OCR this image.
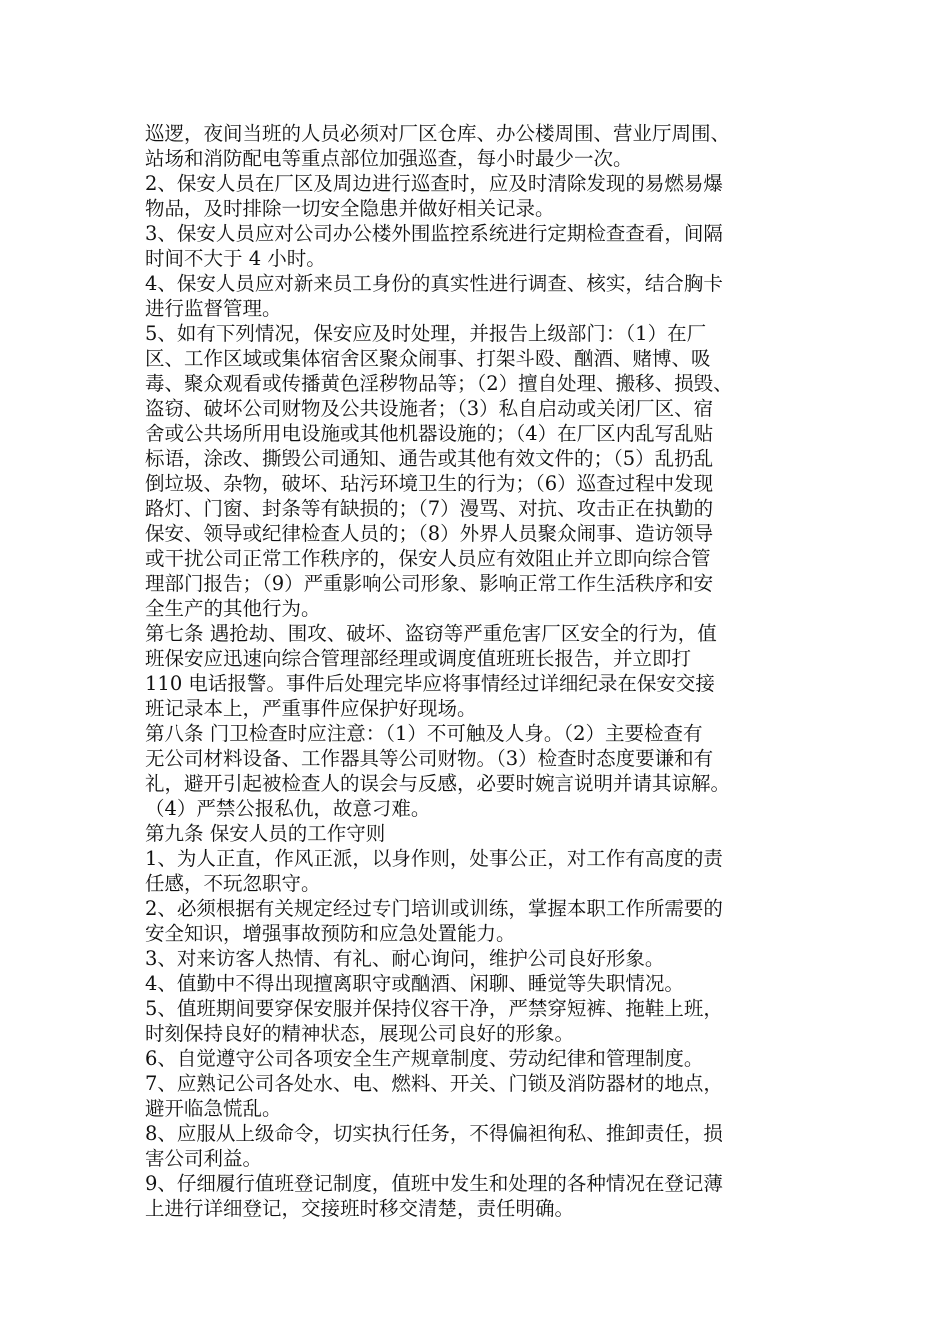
巡逻，夜间当班的人员必须对厂区仓库、办公楼周围、营业厅周围、

站场和消防配电等重点部位加强巡查，每小时最少一次。

2、保安人员在厂区及周边进行巡查时，应及时清除发现的易燃易爆

物品，及时排除一切安全隐患并做好相关记录。

3、保安人员应对公司办公楼外围监控系统进行定期检查查看，间隔

时间不大于 4 小时。

4、保安人员应对新来员工身份的真实性进行调查、核实，结合胸卡

进行监督管理。

5、如有下列情况，保安应及时处理，并报告上级部门：（1）在厂

区、工作区域或集体宿舍区聚众闹事、打架斗殴、酗酒、赌博、吸

毒、聚众观看或传播黄色淫秽物品等；（2）擅自处理、搬移、损毁、

盗窃、破坏公司财物及公共设施者；（3）私自启动或关闭厂区、宿

舍或公共场所用电设施或其他机器设施的；（4）在厂区内乱写乱贴

标语，涂改、撕毁公司通知、通告或其他有效文件的；（5）乱扔乱

倒垃圾、杂物，破坏、玷污环境卫生的行为；（6）巡查过程中发现

路灯、门窗、封条等有缺损的；（7）漫骂、对抗、攻击正在执勤的

保安、领导或纪律检查人员的；（8）外界人员聚众闹事、造访领导

或干扰公司正常工作秩序的，保安人员应有效阻止并立即向综合管

理部门报告；（9）严重影响公司形象、影响正常工作生活秩序和安

全生产的其他行为。

第七条 遇抢劫、围攻、破坏、盗窃等严重危害厂区安全的行为，值

班保安应迅速向综合管理部经理或调度值班班长报告，并立即打

110 电话报警。事件后处理完毕应将事情经过详细纪录在保安交接

班记录本上，严重事件应保护好现场。

第八条 门卫检查时应注意：（1）不可触及人身。（2）主要检查有

无公司材料设备、工作器具等公司财物。（3）检查时态度要谦和有

礼，避开引起被检查人的误会与反感，必要时婉言说明并请其谅解。

（4）严禁公报私仇，故意刁难。

第九条 保安人员的工作守则

1、为人正直，作风正派，以身作则，处事公正，对工作有高度的责

任感，不玩忽职守。

2、必须根据有关规定经过专门培训或训练，掌握本职工作所需要的

安全知识，增强事故预防和应急处置能力。

3、对来访客人热情、有礼、耐心询问，维护公司良好形象。

4、值勤中不得出现擅离职守或酗酒、闲聊、睡觉等失职情况。

5、值班期间要穿保安服并保持仪容干净，严禁穿短裤、拖鞋上班，

时刻保持良好的精神状态，展现公司良好的形象。

6、自觉遵守公司各项安全生产规章制度、劳动纪律和管理制度。

7、应熟记公司各处水、电、燃料、开关、门锁及消防器材的地点，

避开临急慌乱。

8、应服从上级命令，切实执行任务，不得偏袒徇私、推卸责任，损

害公司利益。

9、仔细履行值班登记制度，值班中发生和处理的各种情况在登记薄

上进行详细登记，交接班时移交清楚，责任明确。
